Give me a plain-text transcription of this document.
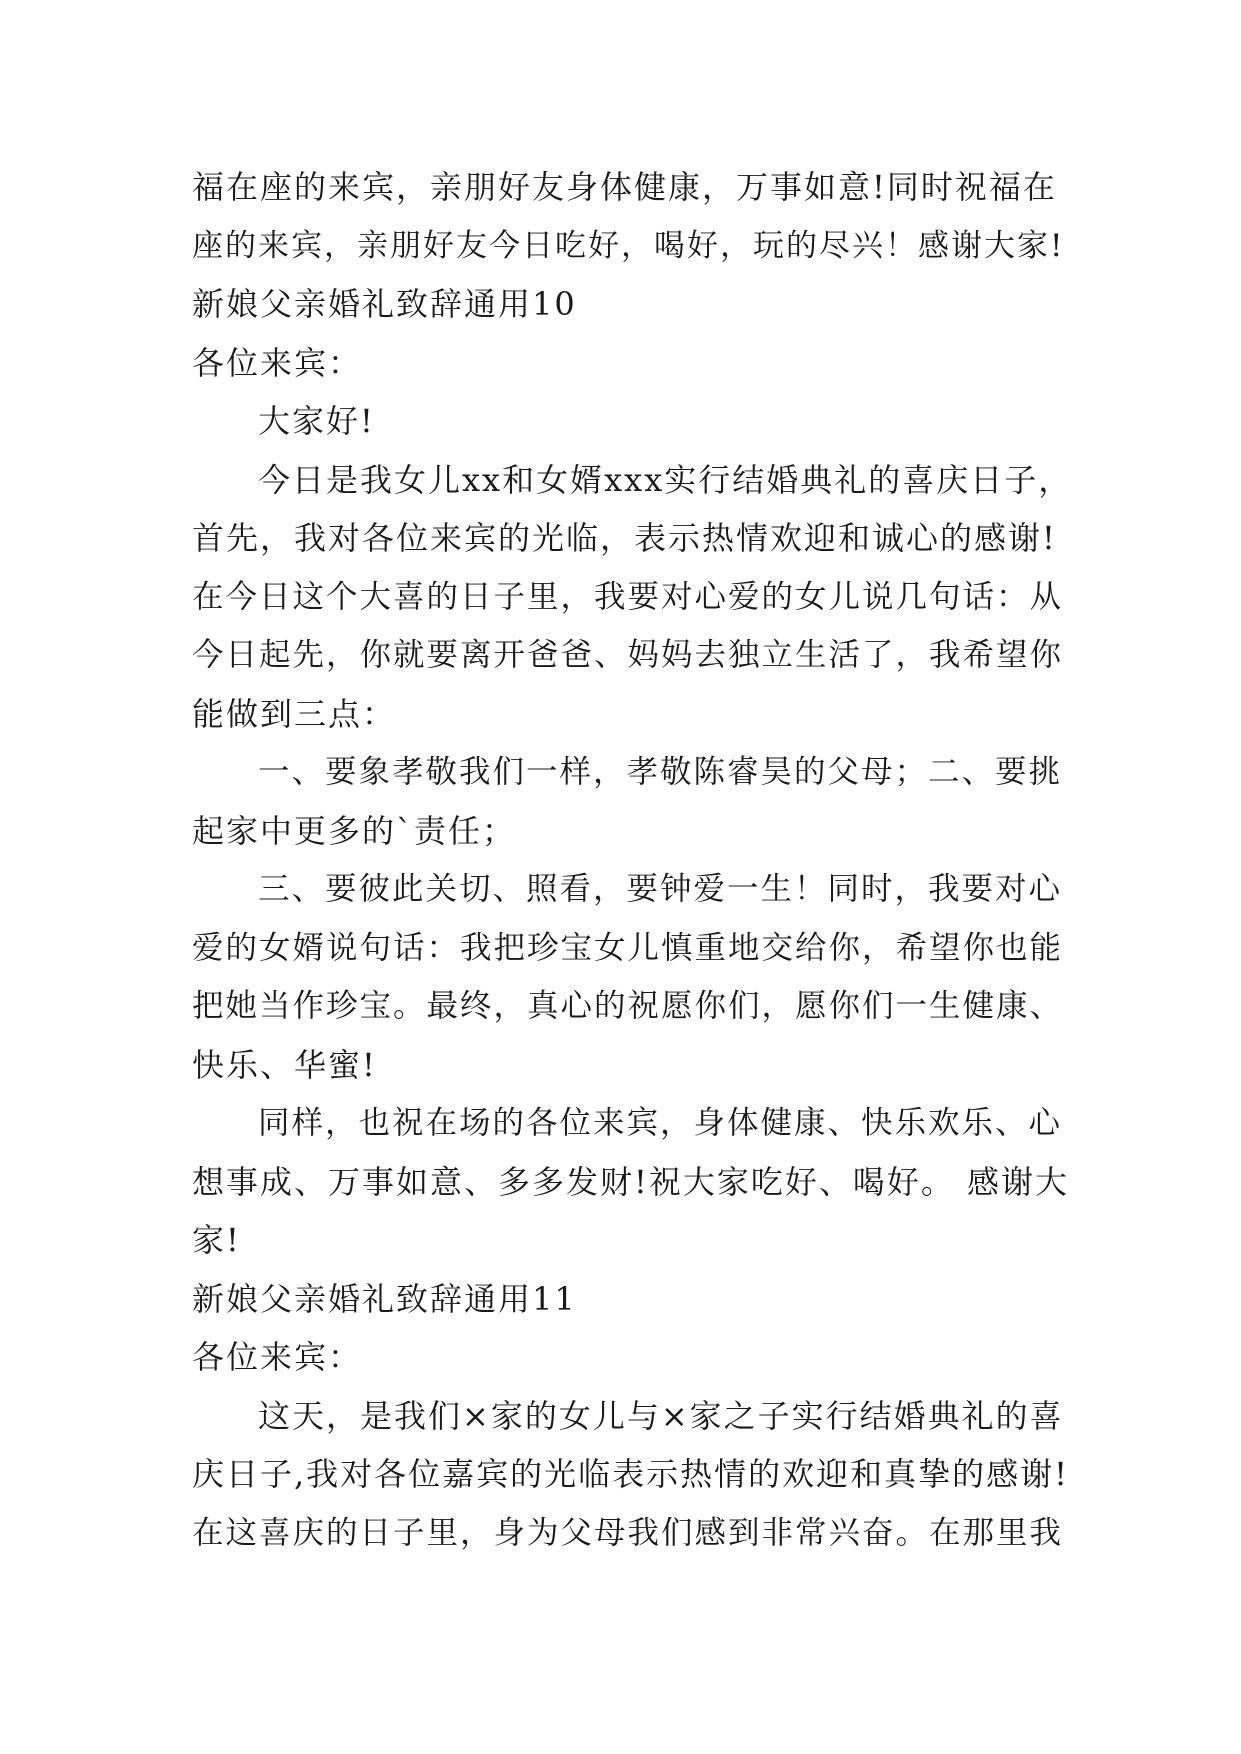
福在座的来宾，亲朋好友身体健康，万事如意!同时祝福在
座的来宾，亲朋好友今日吃好，喝好，玩的尽兴！感谢大家!
新娘父亲婚礼致辞通用10
各位来宾：
大家好!
今日是我女儿xx和女婿xxx实行结婚典礼的喜庆日子，
首先，我对各位来宾的光临，表示热情欢迎和诚心的感谢!
在今日这个大喜的日子里，我要对心爱的女儿说几句话：从
今日起先，你就要离开爸爸、妈妈去独立生活了，我希望你
能做到三点：
一、要象孝敬我们一样，孝敬陈睿昊的父母；二、要挑
起家中更多的`责任；
三、要彼此关切、照看，要钟爱一生！同时，我要对心
爱的女婿说句话：我把珍宝女儿慎重地交给你，希望你也能
把她当作珍宝。最终，真心的祝愿你们，愿你们一生健康、
快乐、华蜜!
同样，也祝在场的各位来宾，身体健康、快乐欢乐、心
想事成、万事如意、多多发财!祝大家吃好、喝好。 感谢大
家!
新娘父亲婚礼致辞通用11
各位来宾：
这天，是我们×家的女儿与×家之子实行结婚典礼的喜
庆日子,我对各位嘉宾的光临表示热情的欢迎和真挚的感谢!
在这喜庆的日子里，身为父母我们感到非常兴奋。在那里我
